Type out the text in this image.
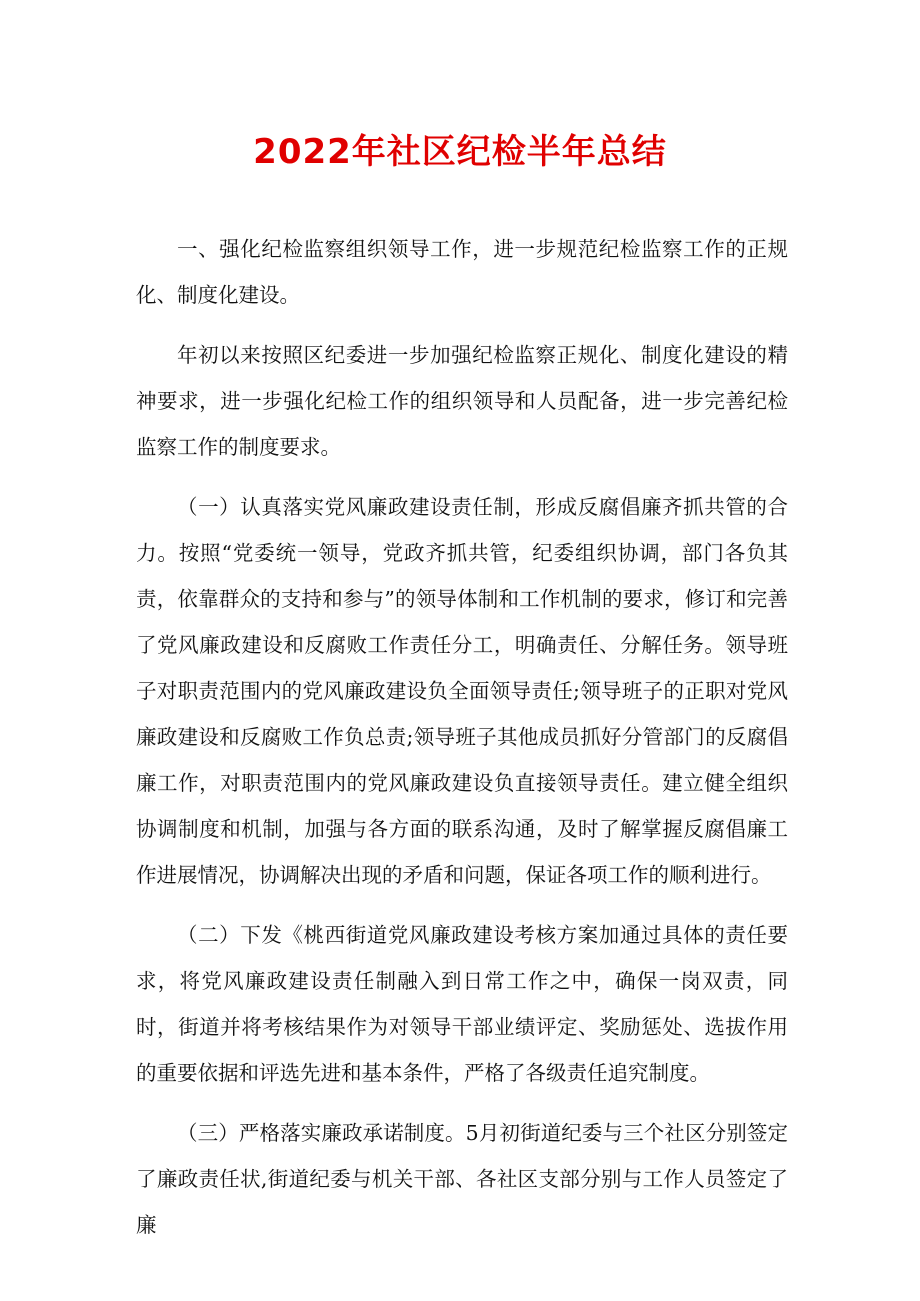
2022年社区纪检半年总结

一、强化纪检监察组织领导工作，进一步规范纪检监察工作的正规化、制度化建设。

年初以来按照区纪委进一步加强纪检监察正规化、制度化建设的精神要求，进一步强化纪检工作的组织领导和人员配备，进一步完善纪检监察工作的制度要求。

（一）认真落实党风廉政建设责任制，形成反腐倡廉齐抓共管的合力。按照“党委统一领导，党政齐抓共管，纪委组织协调，部门各负其责，依靠群众的支持和参与”的领导体制和工作机制的要求，修订和完善了党风廉政建设和反腐败工作责任分工，明确责任、分解任务。领导班子对职责范围内的党风廉政建设负全面领导责任;领导班子的正职对党风廉政建设和反腐败工作负总责;领导班子其他成员抓好分管部门的反腐倡廉工作，对职责范围内的党风廉政建设负直接领导责任。建立健全组织协调制度和机制，加强与各方面的联系沟通，及时了解掌握反腐倡廉工作进展情况，协调解决出现的矛盾和问题，保证各项工作的顺利进行。

（二）下发《桃西街道党风廉政建设考核方案加通过具体的责任要求，将党风廉政建设责任制融入到日常工作之中，确保一岗双责，同时，街道并将考核结果作为对领导干部业绩评定、奖励惩处、选拔作用的重要依据和评选先进和基本条件，严格了各级责任追究制度。

（三）严格落实廉政承诺制度。5月初街道纪委与三个社区分别签定了廉政责任状,街道纪委与机关干部、各社区支部分别与工作人员签定了廉
